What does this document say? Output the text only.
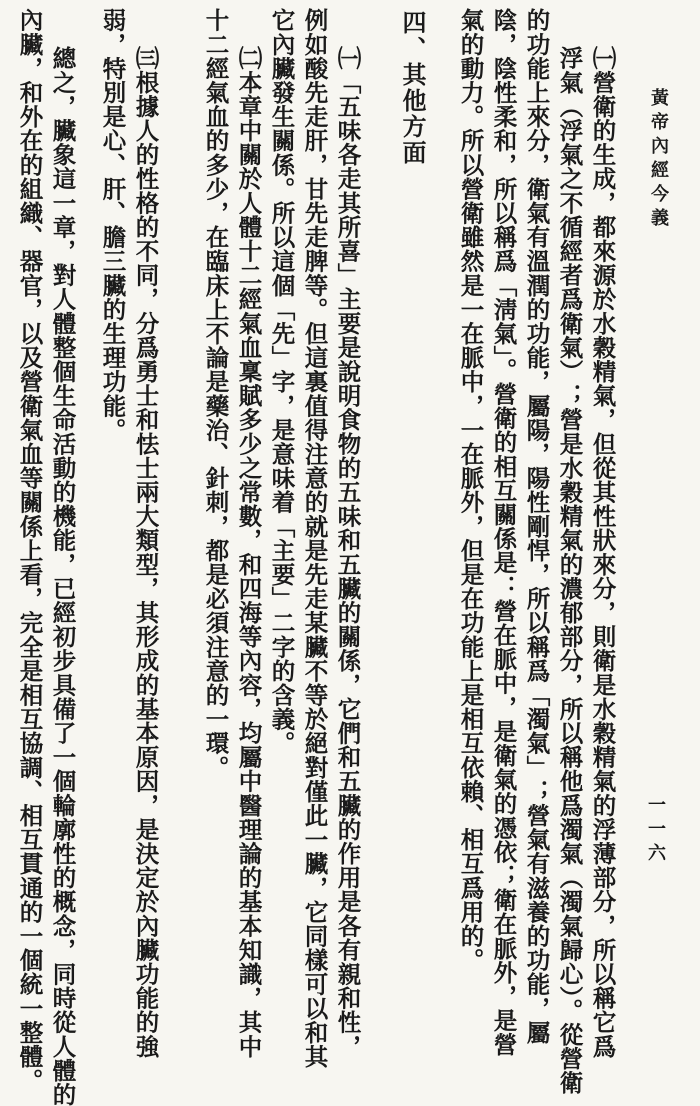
黃帝內經今義
一一六
四、其他方面	㈠營衛的生成，都來源於水穀精氣，但從其性狀來分，則衛是水穀精氣的浮薄部分，所以稱它爲
浮氣（浮氣之不循經者爲衛氣）；營是水穀精氣的濃郁部分，所以稱他爲濁氣（濁氣歸心）。從營衛
的功能上來分，衛氣有溫潤的功能，屬陽，陽性剛悍，所以稱爲「濁氣」；營氣有滋養的功能，屬
陰，陰性柔和，所以稱爲「淸氣」。營衛的相互關係是：營在脈中，是衛氣的憑依；衛在脈外，是營
氣的動力。所以營衛雖然是一在脈中，一在脈外，但是在功能上是相互依賴、相互爲用的。
㈠「五味各走其所喜」主要是說明食物的五味和五臟的關係，它們和五臟的作用是各有親和性，
例如酸先走肝，甘先走脾等。但這裏值得注意的就是先走某臟不等於絕對僅此一臟，它同樣可以和其
它內臟發生關係。所以這個「先」字，是意味着「主要」二字的含義。
㈡本章中關於人體十二經氣血稟賦多少之常數，和四海等內容，均屬中醫理論的基本知識，其中
十二經氣血的多少，在臨床上不論是藥治、針刺，都是必須注意的一環。
㈢根據人的性格的不同，分爲勇士和怯士兩大類型，其形成的基本原因，是決定於內臟功能的強
弱，特別是心、肝、膽三臟的生理功能。
總之，臟象這一章，對人體整個生命活動的機能，已經初步具備了一個輪廓性的概念，同時從人體的
內臟，和外在的組織、器官，以及營衛氣血等關係上看，完全是相互協調、相互貫通的一個統一整體。
